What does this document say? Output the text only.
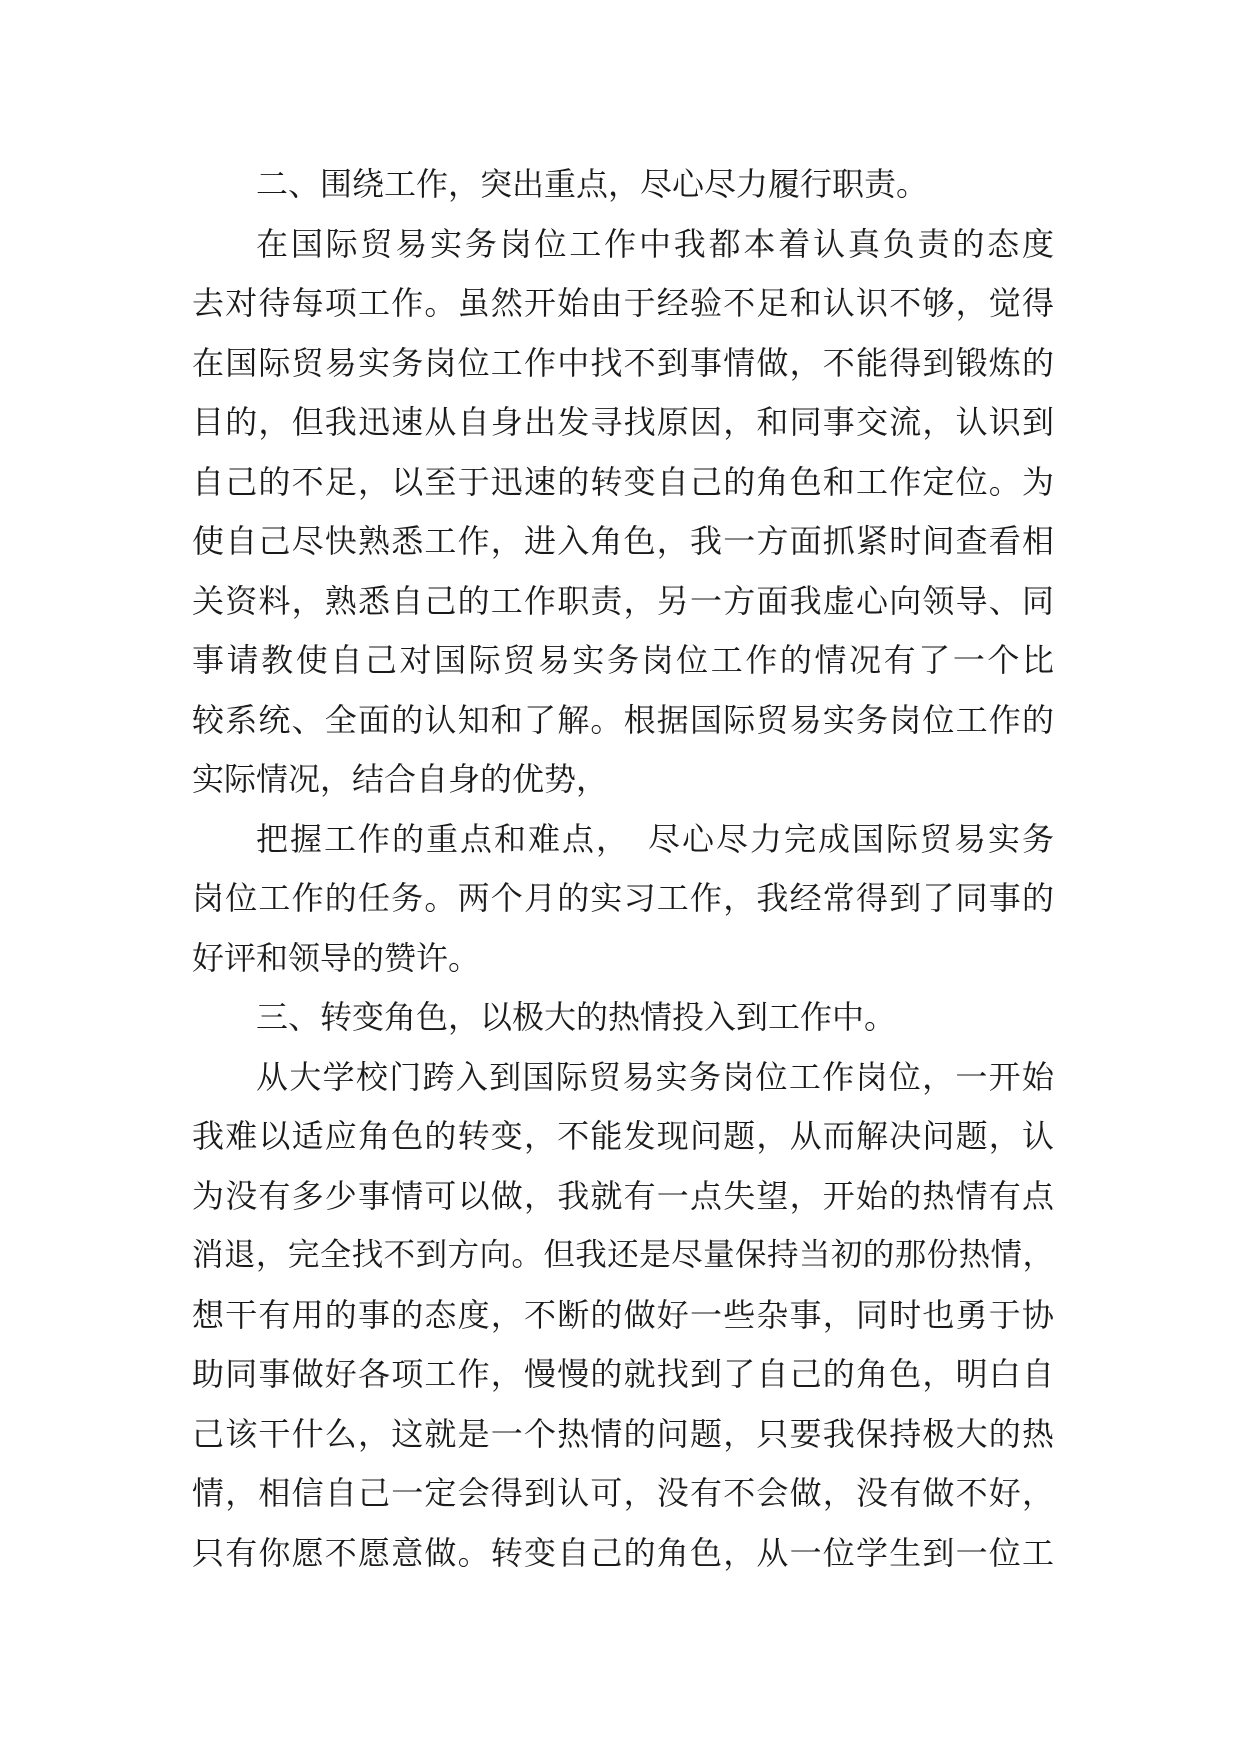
二、围绕工作，突出重点，尽心尽力履行职责。
在国际贸易实务岗位工作中我都本着认真负责的态度
去对待每项工作。虽然开始由于经验不足和认识不够，觉得
在国际贸易实务岗位工作中找不到事情做，不能得到锻炼的
目的，但我迅速从自身出发寻找原因，和同事交流，认识到
自己的不足，以至于迅速的转变自己的角色和工作定位。为
使自己尽快熟悉工作，进入角色，我一方面抓紧时间查看相
关资料，熟悉自己的工作职责，另一方面我虚心向领导、同
事请教使自己对国际贸易实务岗位工作的情况有了一个比
较系统、全面的认知和了解。根据国际贸易实务岗位工作的
实际情况，结合自身的优势，
把握工作的重点和难点，　尽心尽力完成国际贸易实务
岗位工作的任务。两个月的实习工作，我经常得到了同事的
好评和领导的赞许。
三、转变角色，以极大的热情投入到工作中。
从大学校门跨入到国际贸易实务岗位工作岗位，一开始
我难以适应角色的转变，不能发现问题，从而解决问题，认
为没有多少事情可以做，我就有一点失望，开始的热情有点
消退，完全找不到方向。但我还是尽量保持当初的那份热情，
想干有用的事的态度，不断的做好一些杂事，同时也勇于协
助同事做好各项工作，慢慢的就找到了自己的角色，明白自
己该干什么，这就是一个热情的问题，只要我保持极大的热
情，相信自己一定会得到认可，没有不会做，没有做不好，
只有你愿不愿意做。转变自己的角色，从一位学生到一位工
